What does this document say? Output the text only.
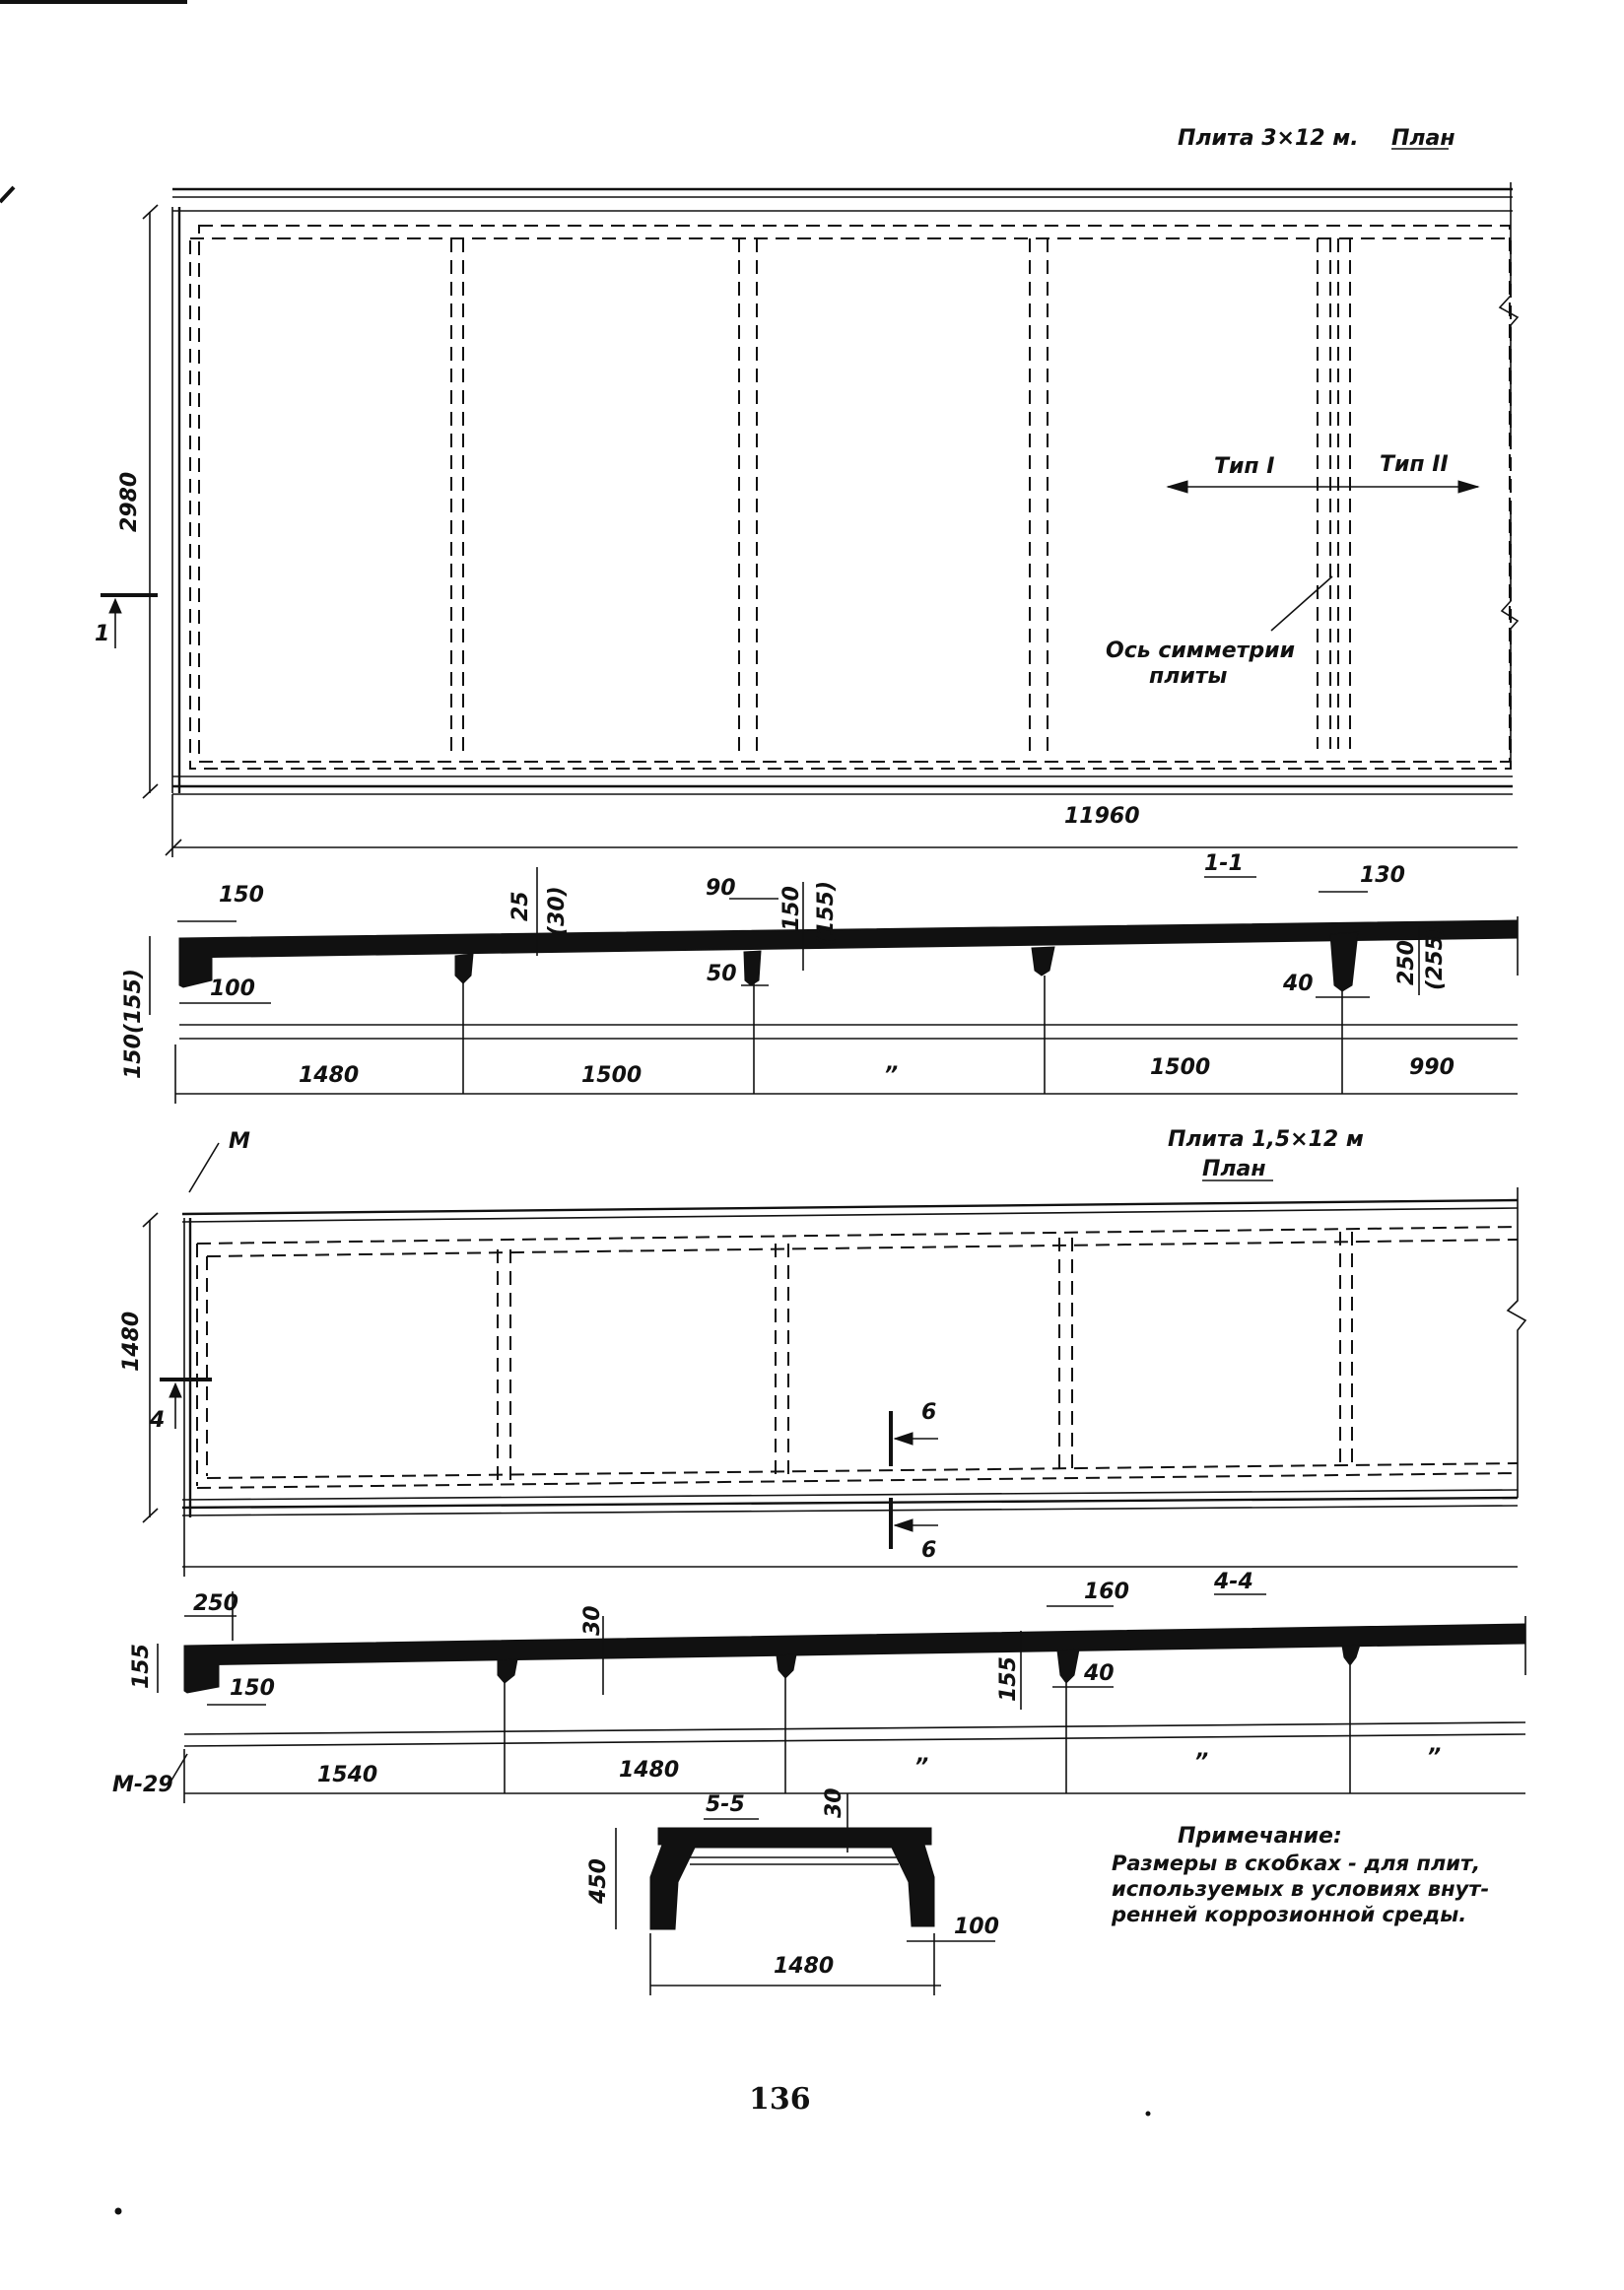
Плита 3×12 м. План
2980
1
Тип I	Тип II
Ось симметрии
плиты
11960
1-1
150	25 (30)	90 150 (155)
130
100
50	40	250 (255)
150(155)	1480	1500	”	1500	990
М	Плита 1,5×12 м
План
1480
4	6
6
4-4
250
30
160
155	150	155	40
1540	1480	”	”	”
М-29
5-5	30
450
100
1480
Примечание:
Размеры в скобках - для плит,
используемых в условиях внут-
ренней коррозионной среды.
136
